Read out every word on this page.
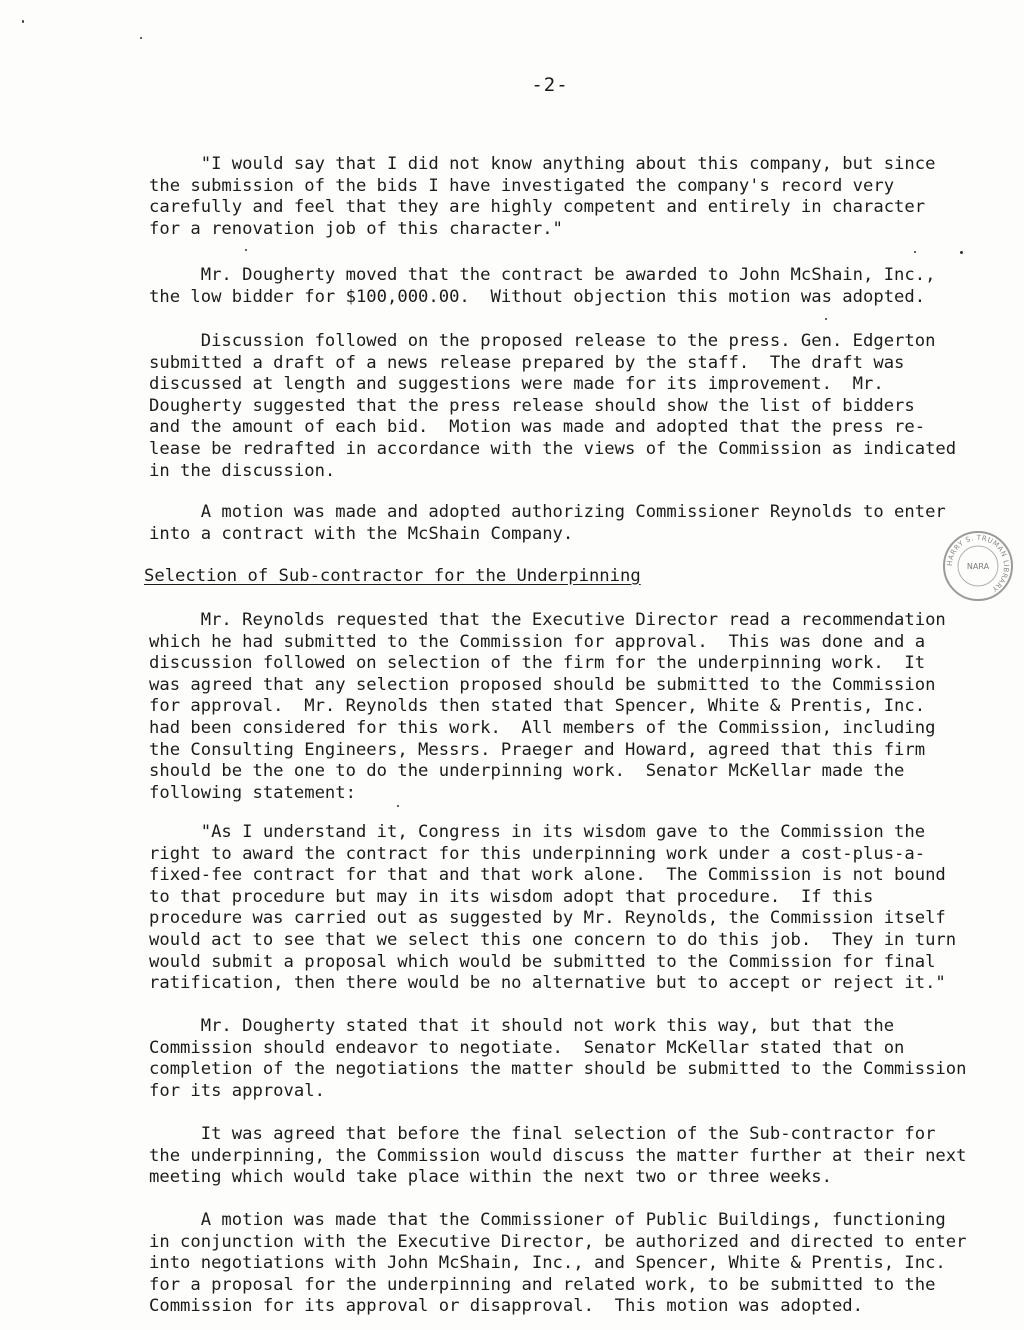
-2-

"I would say that I did not know anything about this company, but since
the submission of the bids I have investigated the company's record very
carefully and feel that they are highly competent and entirely in character
for a renovation job of this character."

Mr. Dougherty moved that the contract be awarded to John McShain, Inc.,
the low bidder for $100,000.00.  Without objection this motion was adopted.

Discussion followed on the proposed release to the press. Gen. Edgerton
submitted a draft of a news release prepared by the staff.  The draft was
discussed at length and suggestions were made for its improvement.  Mr.
Dougherty suggested that the press release should show the list of bidders
and the amount of each bid.  Motion was made and adopted that the press re-
lease be redrafted in accordance with the views of the Commission as indicated
in the discussion.

A motion was made and adopted authorizing Commissioner Reynolds to enter
into a contract with the McShain Company.

Selection of Sub-contractor for the Underpinning

HARRY S. TRUMAN LIBRARY
NARA

Mr. Reynolds requested that the Executive Director read a recommendation
which he had submitted to the Commission for approval.  This was done and a
discussion followed on selection of the firm for the underpinning work.  It
was agreed that any selection proposed should be submitted to the Commission
for approval.  Mr. Reynolds then stated that Spencer, White & Prentis, Inc.
had been considered for this work.  All members of the Commission, including
the Consulting Engineers, Messrs. Praeger and Howard, agreed that this firm
should be the one to do the underpinning work.  Senator McKellar made the
following statement:

"As I understand it, Congress in its wisdom gave to the Commission the
right to award the contract for this underpinning work under a cost-plus-a-
fixed-fee contract for that and that work alone.  The Commission is not bound
to that procedure but may in its wisdom adopt that procedure.  If this
procedure was carried out as suggested by Mr. Reynolds, the Commission itself
would act to see that we select this one concern to do this job.  They in turn
would submit a proposal which would be submitted to the Commission for final
ratification, then there would be no alternative but to accept or reject it."

Mr. Dougherty stated that it should not work this way, but that the
Commission should endeavor to negotiate.  Senator McKellar stated that on
completion of the negotiations the matter should be submitted to the Commission
for its approval.

It was agreed that before the final selection of the Sub-contractor for
the underpinning, the Commission would discuss the matter further at their next
meeting which would take place within the next two or three weeks.

A motion was made that the Commissioner of Public Buildings, functioning
in conjunction with the Executive Director, be authorized and directed to enter
into negotiations with John McShain, Inc., and Spencer, White & Prentis, Inc.
for a proposal for the underpinning and related work, to be submitted to the
Commission for its approval or disapproval.  This motion was adopted.
